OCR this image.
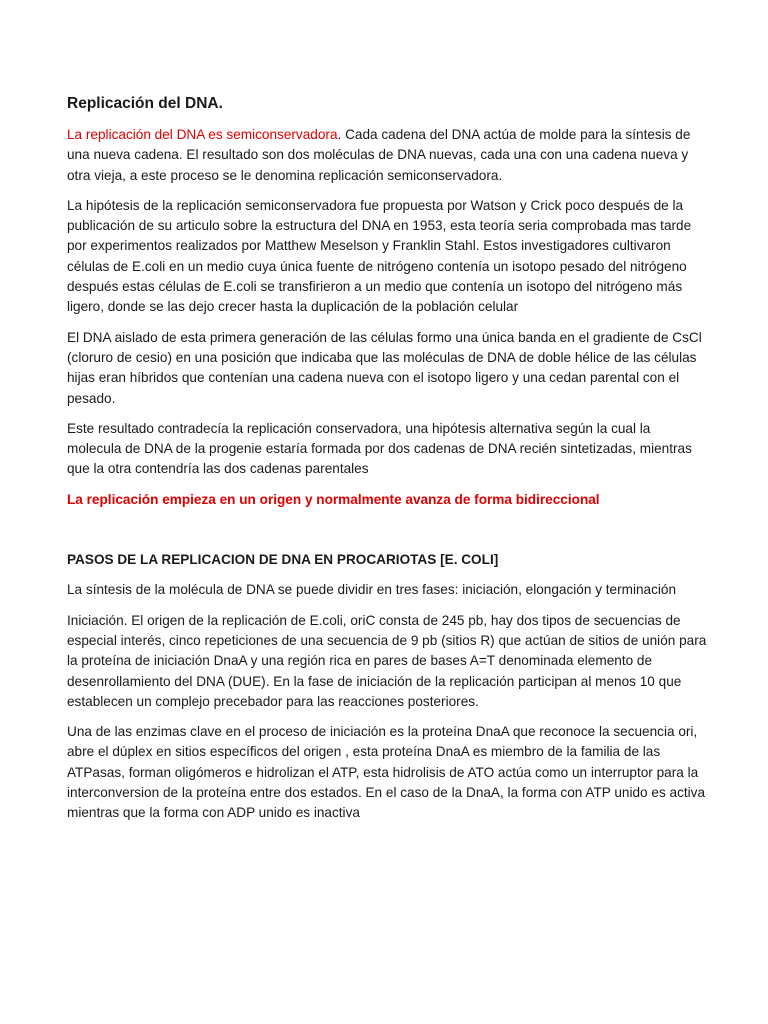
Replicación del DNA.

La replicación del DNA es semiconservadora. Cada cadena del DNA actúa de molde para la síntesis de una nueva cadena. El resultado son dos moléculas de DNA nuevas, cada una con una cadena nueva y otra vieja, a este proceso se le denomina replicación semiconservadora.

La hipótesis de la replicación semiconservadora fue propuesta por Watson y Crick poco después de la publicación de su articulo sobre la estructura del DNA en 1953, esta teoría seria comprobada mas tarde por experimentos realizados por Matthew Meselson y Franklin Stahl. Estos investigadores cultivaron células de E.coli en un medio cuya única fuente de nitrógeno contenía un isotopo pesado del nitrógeno después estas células de E.coli se transfirieron a un medio que contenía un isotopo del nitrógeno más ligero, donde se las dejo crecer hasta la duplicación de la población celular

El DNA aislado de esta primera generación de las células formo una única banda en el gradiente de CsCl (cloruro de cesio) en una posición que indicaba que las moléculas de DNA de doble hélice de las células hijas eran híbridos que contenían una cadena nueva con el isotopo ligero y una cedan parental con el pesado.

Este resultado contradecía la replicación conservadora, una hipótesis alternativa según la cual la molecula de DNA de la progenie estaría formada por dos cadenas de DNA recién sintetizadas, mientras que la otra contendría las dos cadenas parentales

La replicación empieza en un origen y normalmente avanza de forma bidireccional

PASOS DE LA REPLICACION DE DNA EN PROCARIOTAS [E. COLI]

La síntesis de la molécula de DNA se puede dividir en tres fases: iniciación, elongación y terminación

Iniciación. El origen de la replicación de E.coli, oriC consta de 245 pb, hay dos tipos de secuencias de especial interés, cinco repeticiones de una secuencia de 9 pb (sitios R) que actúan de sitios de unión para la proteína de iniciación DnaA y una región rica en pares de bases A=T denominada elemento de desenrollamiento del DNA (DUE). En la fase de iniciación de la replicación participan al menos 10 que establecen un complejo precebador para las reacciones posteriores.

Una de las enzimas clave en el proceso de iniciación es la proteína DnaA que reconoce la secuencia ori, abre el dúplex en sitios específicos del origen , esta proteína DnaA es miembro de la familia de las ATPasas, forman oligómeros e hidrolizan el ATP, esta hidrolisis de ATO actúa como un interruptor para la interconversion de la proteína entre dos estados. En el caso de la DnaA, la forma con ATP unido es activa mientras que la forma con ADP unido es inactiva
